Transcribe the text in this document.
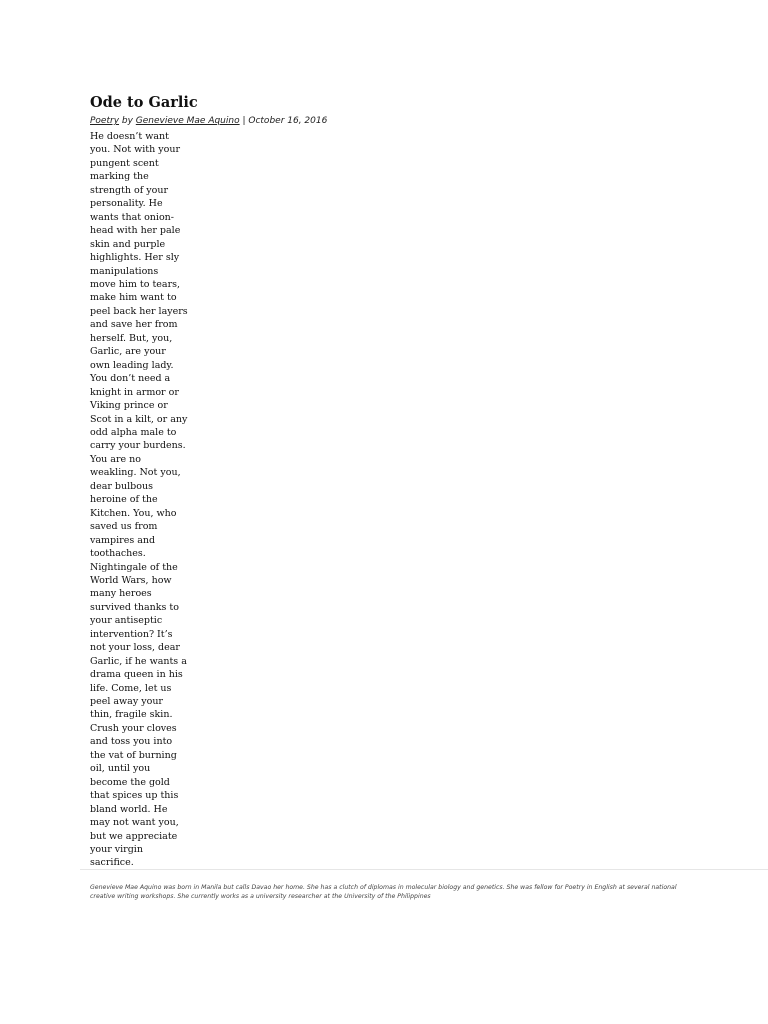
Ode to Garlic
Poetry by Genevieve Mae Aquino | October 16, 2016
He doesn’t want
you. Not with your
pungent scent
marking the
strength of your
personality. He
wants that onion-
head with her pale
skin and purple
highlights. Her sly
manipulations
move him to tears,
make him want to
peel back her layers
and save her from
herself. But, you,
Garlic, are your
own leading lady.
You don’t need a
knight in armor or
Viking prince or
Scot in a kilt, or any
odd alpha male to
carry your burdens.
You are no
weakling. Not you,
dear bulbous
heroine of the
Kitchen. You, who
saved us from
vampires and
toothaches.
Nightingale of the
World Wars, how
many heroes
survived thanks to
your antiseptic
intervention? It’s
not your loss, dear
Garlic, if he wants a
drama queen in his
life. Come, let us
peel away your
thin, fragile skin.
Crush your cloves
and toss you into
the vat of burning
oil, until you
become the gold
that spices up this
bland world. He
may not want you,
but we appreciate
your virgin
sacrifice.
Genevieve Mae Aquino was born in Manila but calls Davao her home. She has a clutch of diplomas in molecular biology and genetics. She was fellow for Poetry in English at several national
creative writing workshops. She currently works as a university researcher at the University of the Philippines
